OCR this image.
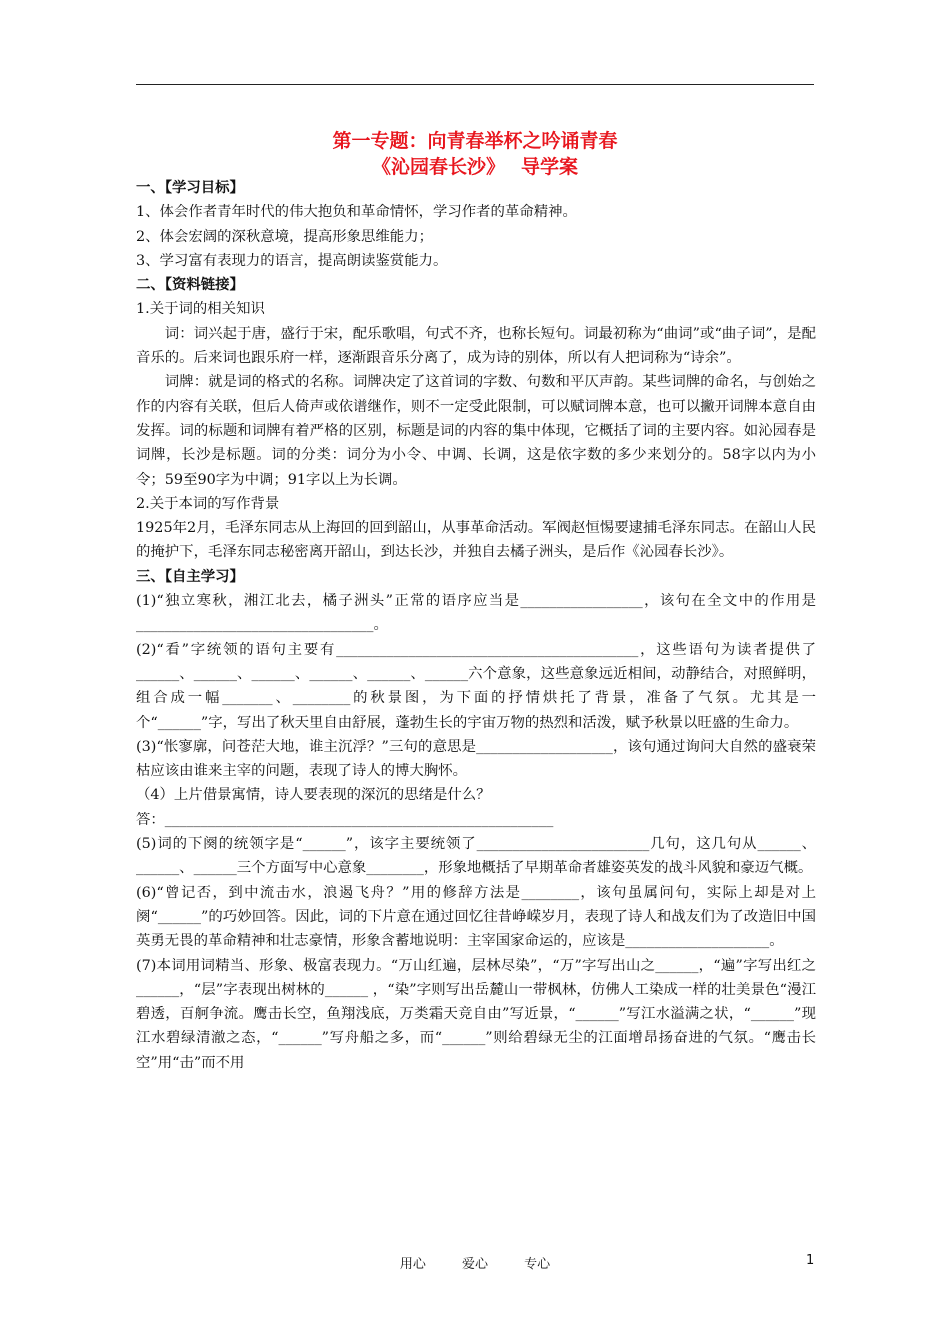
第一专题：向青春举杯之吟诵青春
《沁园春长沙》　 导学案

一、【学习目标】

1、体会作者青年时代的伟大抱负和革命情怀，学习作者的革命精神。

2、体会宏阔的深秋意境，提高形象思维能力；

3、学习富有表现力的语言，提高朗读鉴赏能力。

二、【资料链接】

1.关于词的相关知识

词：词兴起于唐，盛行于宋，配乐歌唱，句式不齐，也称长短句。词最初称为“曲词”或“曲子词”，是配音乐的。后来词也跟乐府一样，逐渐跟音乐分离了，成为诗的别体，所以有人把词称为“诗余”。

词牌：就是词的格式的名称。词牌决定了这首词的字数、句数和平仄声韵。某些词牌的命名，与创始之作的内容有关联，但后人倚声或依谱继作，则不一定受此限制，可以赋词牌本意，也可以撇开词牌本意自由发挥。词的标题和词牌有着严格的区别，标题是词的内容的集中体现，它概括了词的主要内容。如沁园春是词牌，长沙是标题。词的分类：词分为小令、中调、长调，这是依字数的多少来划分的。58字以内为小令；59至90字为中调；91字以上为长调。

2.关于本词的写作背景

1925年2月，毛泽东同志从上海回的回到韶山，从事革命活动。军阀赵恒惕要逮捕毛泽东同志。在韶山人民的掩护下，毛泽东同志秘密离开韶山，到达长沙，并独自去橘子洲头，是后作《沁园春长沙》。

三、【自主学习】

(1)“独立寒秋，湘江北去，橘子洲头”正常的语序应当是_________________，该句在全文中的作用是_________________________________。

(2)“看”字统领的语句主要有__________________________________________，这些语句为读者提供了______、______、______、______、______、______六个意象，这些意象远近相间，动静结合，对照鲜明，组合成一幅_______、________的秋景图，为下面的抒情烘托了背景，准备了气氛。尤其是一个“______”字，写出了秋天里自由舒展，蓬勃生长的宇宙万物的热烈和活泼，赋予秋景以旺盛的生命力。

(3)“怅寥廓，问苍茫大地，谁主沉浮？”三句的意思是___________________，该句通过询问大自然的盛衰荣枯应该由谁来主宰的问题，表现了诗人的博大胸怀。

（4）上片借景寓情，诗人要表现的深沉的思绪是什么？

答：______________________________________________________

(5)词的下阕的统领字是“______”，该字主要统领了________________________几句，这几句从______、______、______三个方面写中心意象________，形象地概括了早期革命者雄姿英发的战斗风貌和豪迈气概。

(6)“曾记否，到中流击水，浪遏飞舟？”用的修辞方法是________，该句虽属问句，实际上却是对上阕“______”的巧妙回答。因此，词的下片意在通过回忆往昔峥嵘岁月，表现了诗人和战友们为了改造旧中国英勇无畏的革命精神和壮志豪情，形象含蓄地说明：主宰国家命运的，应该是____________________。

(7)本词用词精当、形象、极富表现力。“万山红遍，层林尽染”，“万”字写出山之______，“遍”字写出红之______，“层”字表现出树林的______ ，“染”字则写出岳麓山一带枫林，仿佛人工染成一样的壮美景色“漫江碧透，百舸争流。鹰击长空，鱼翔浅底，万类霜天竞自由”写近景，“______”写江水溢满之状，“______”现江水碧绿清澈之态，“______”写舟船之多，而“______”则给碧绿无尘的江面增昂扬奋进的气氛。“鹰击长空”用“击”而不用

用心	爱心	专心	1
